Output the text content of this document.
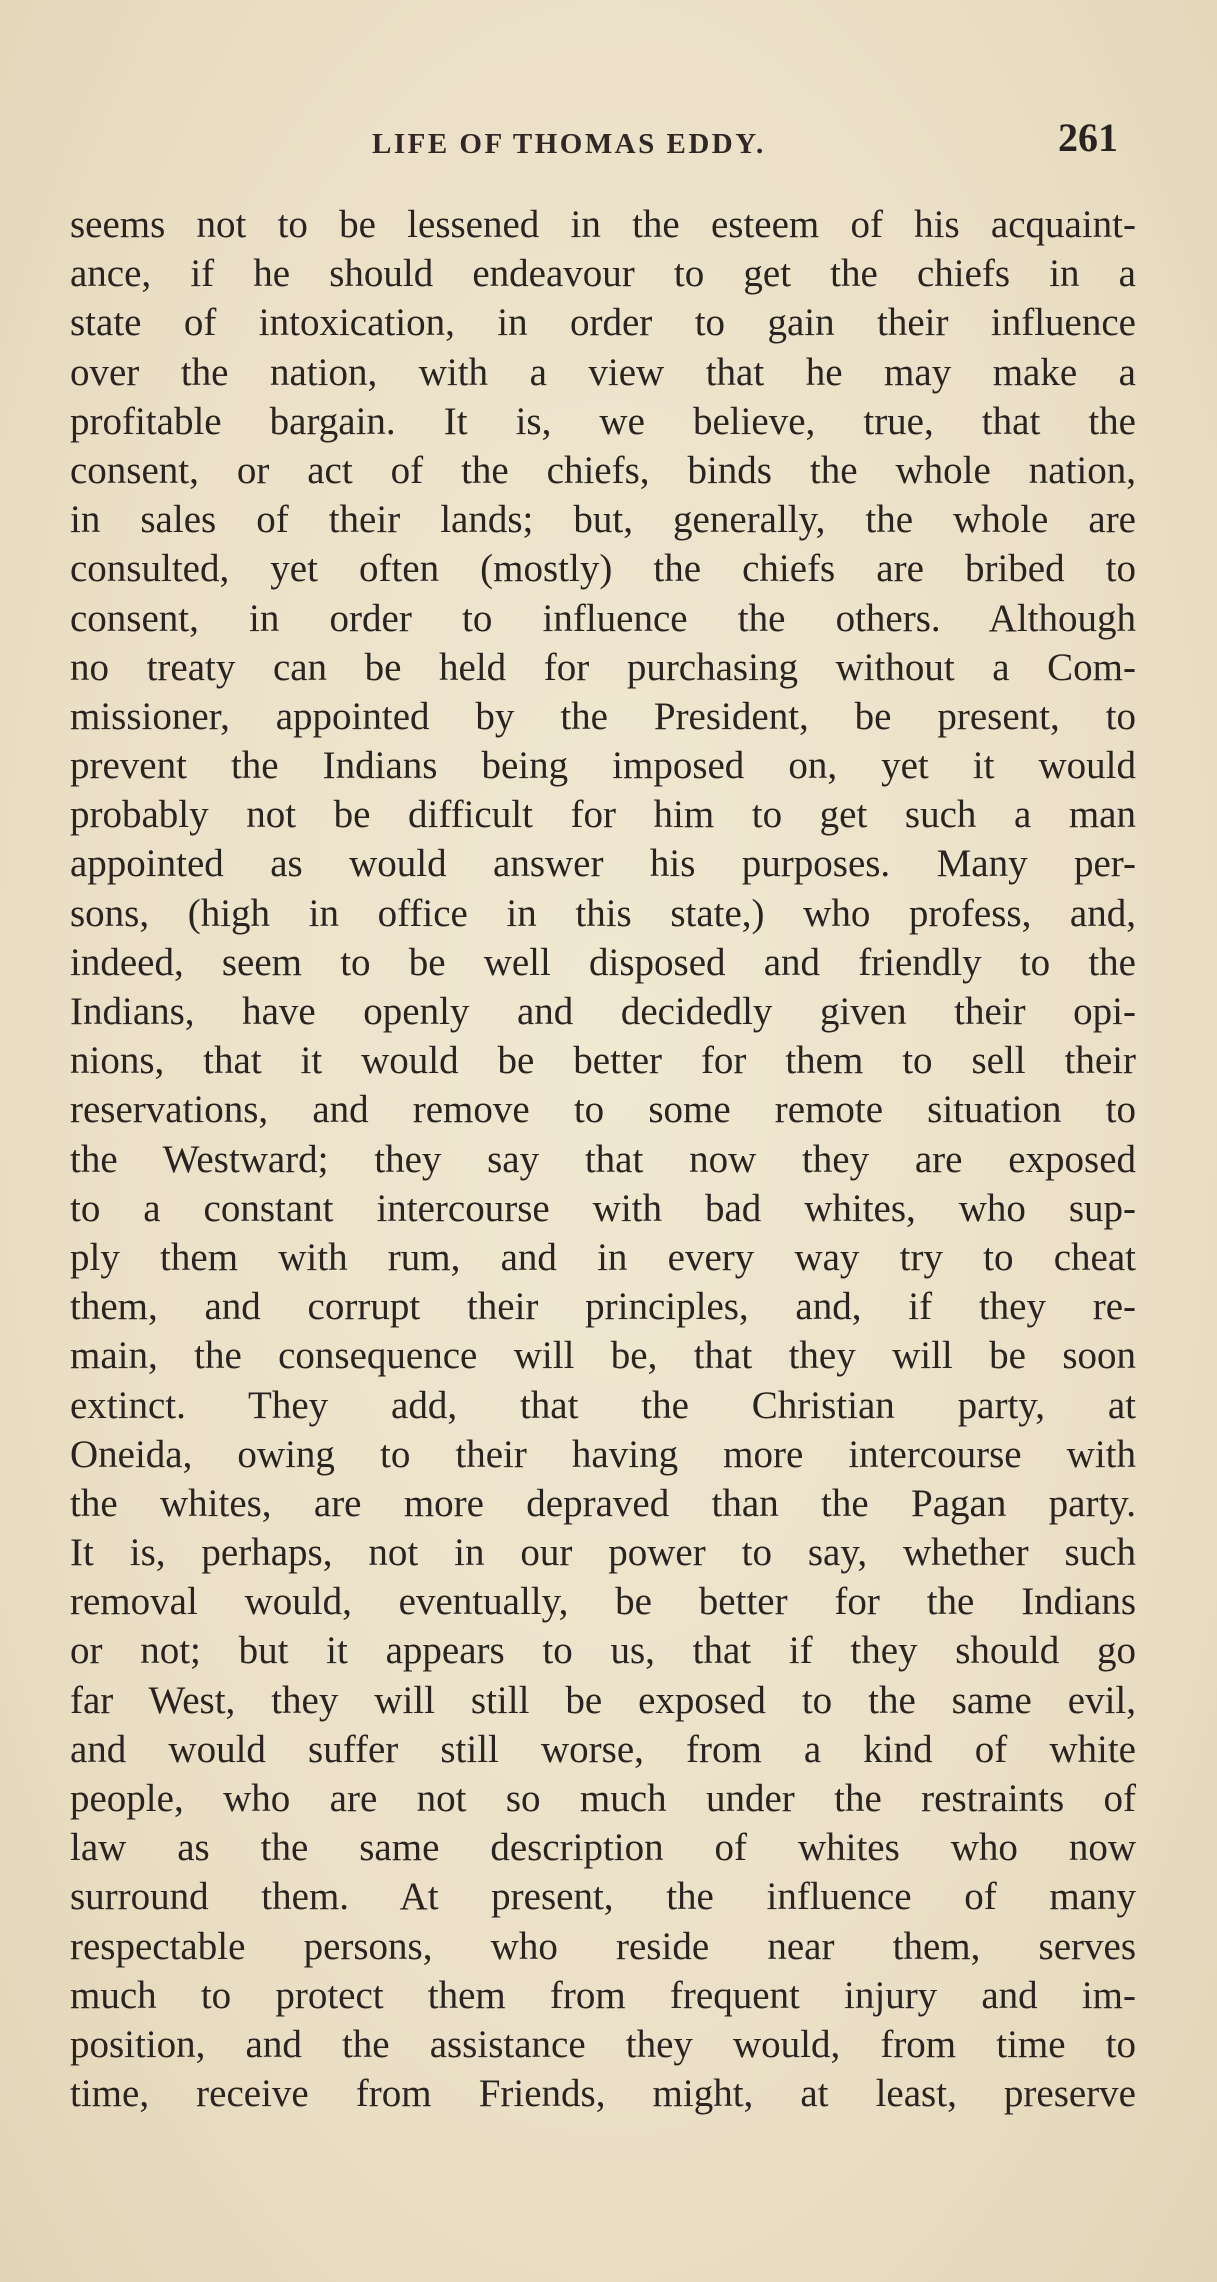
LIFE OF THOMAS EDDY.	261
seems not to be lessened in the esteem of his acquaint-
ance, if he should endeavour to get the chiefs in a
state of intoxication, in order to gain their influence
over the nation, with a view that he may make a
profitable bargain. It is, we believe, true, that the
consent, or act of the chiefs, binds the whole nation,
in sales of their lands; but, generally, the whole are
consulted, yet often (mostly) the chiefs are bribed to
consent, in order to influence the others. Although
no treaty can be held for purchasing without a Com-
missioner, appointed by the President, be present, to
prevent the Indians being imposed on, yet it would
probably not be difficult for him to get such a man
appointed as would answer his purposes. Many per-
sons, (high in office in this state,) who profess, and,
indeed, seem to be well disposed and friendly to the
Indians, have openly and decidedly given their opi-
nions, that it would be better for them to sell their
reservations, and remove to some remote situation to
the Westward; they say that now they are exposed
to a constant intercourse with bad whites, who sup-
ply them with rum, and in every way try to cheat
them, and corrupt their principles, and, if they re-
main, the consequence will be, that they will be soon
extinct. They add, that the Christian party, at
Oneida, owing to their having more intercourse with
the whites, are more depraved than the Pagan party.
It is, perhaps, not in our power to say, whether such
removal would, eventually, be better for the Indians
or not; but it appears to us, that if they should go
far West, they will still be exposed to the same evil,
and would suffer still worse, from a kind of white
people, who are not so much under the restraints of
law as the same description of whites who now
surround them. At present, the influence of many
respectable persons, who reside near them, serves
much to protect them from frequent injury and im-
position, and the assistance they would, from time to
time, receive from Friends, might, at least, preserve
